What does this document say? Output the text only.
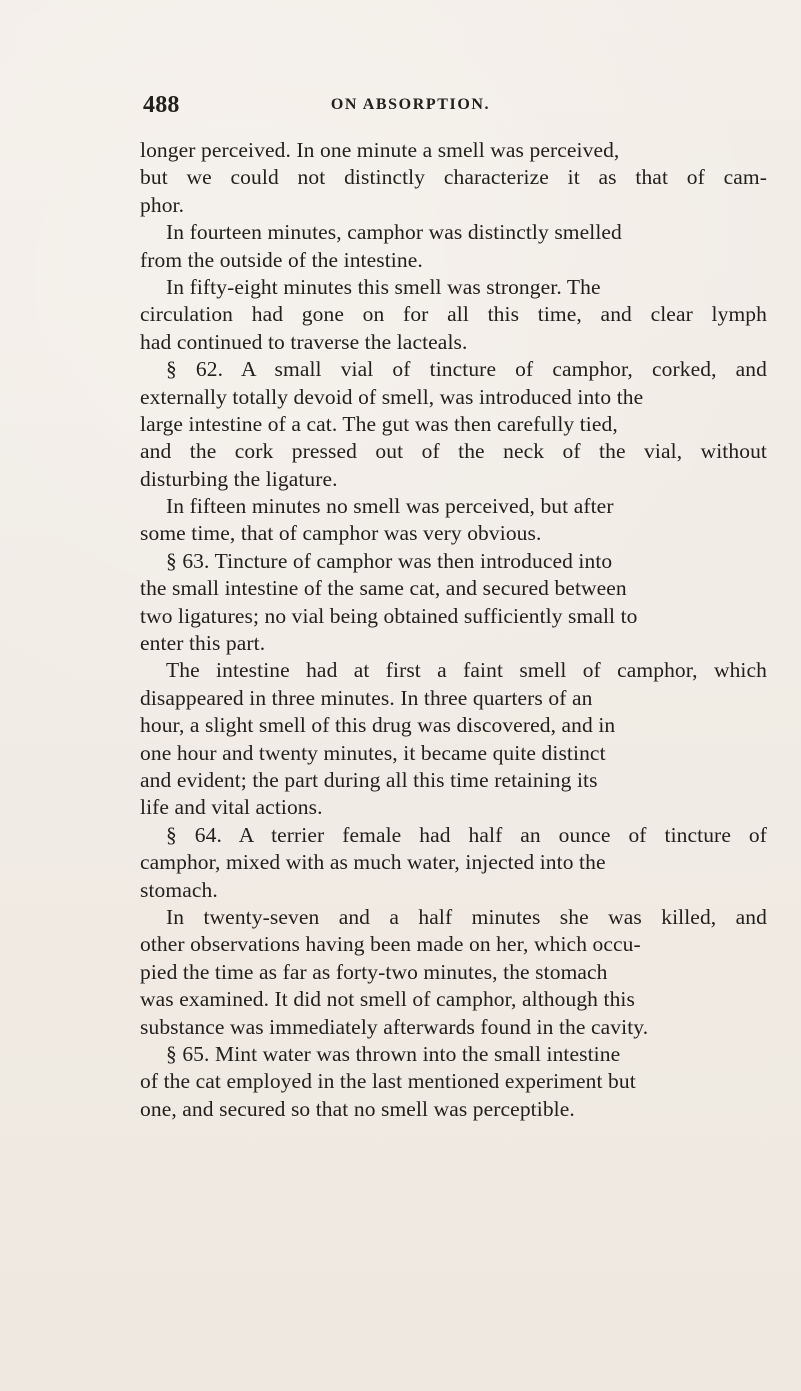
488	ON ABSORPTION.
longer perceived. In one minute a smell was perceived,
but we could not distinctly characterize it as that of cam-
phor.
In fourteen minutes, camphor was distinctly smelled
from the outside of the intestine.
In fifty-eight minutes this smell was stronger. The
circulation had gone on for all this time, and clear lymph
had continued to traverse the lacteals.
§ 62. A small vial of tincture of camphor, corked, and
externally totally devoid of smell, was introduced into the
large intestine of a cat. The gut was then carefully tied,
and the cork pressed out of the neck of the vial, without
disturbing the ligature.
In fifteen minutes no smell was perceived, but after
some time, that of camphor was very obvious.
§ 63. Tincture of camphor was then introduced into
the small intestine of the same cat, and secured between
two ligatures; no vial being obtained sufficiently small to
enter this part.
The intestine had at first a faint smell of camphor, which
disappeared in three minutes. In three quarters of an
hour, a slight smell of this drug was discovered, and in
one hour and twenty minutes, it became quite distinct
and evident; the part during all this time retaining its
life and vital actions.
§ 64. A terrier female had half an ounce of tincture of
camphor, mixed with as much water, injected into the
stomach.
In twenty-seven and a half minutes she was killed, and
other observations having been made on her, which occu-
pied the time as far as forty-two minutes, the stomach
was examined. It did not smell of camphor, although this
substance was immediately afterwards found in the cavity.
§ 65. Mint water was thrown into the small intestine
of the cat employed in the last mentioned experiment but
one, and secured so that no smell was perceptible.
